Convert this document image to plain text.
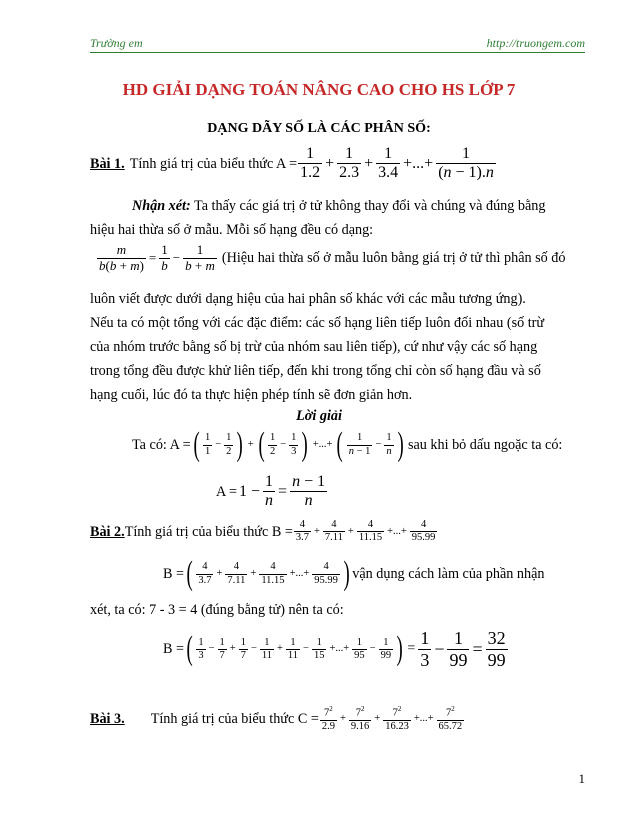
Trường em	http://truongem.com
HD GIẢI DẠNG TOÁN NÂNG CAO CHO HS LỚP 7
DẠNG DÃY SỐ LÀ CÁC PHÂN SỐ:
Bài 1. Tính giá trị của biểu thức A =
1
1.2
+ $\frac{1}{2.3} + \frac{1}{3.4}$ +...+ $\frac{1}{(n - 1).n}$
Nhận xét: Ta thấy các giá trị ở tử không thay đổi và chúng và đúng bằng
hiệu hai thừa số ở mẫu. Mỗi số hạng đều có dạng:
$\frac{m}{b(b + m)} = \frac{1}{b} - \frac{1}{b + m}$ (Hiệu hai thừa số ở mẫu luôn bằng giá trị ở tử thì phân số đó
luôn viết được dưới dạng hiệu của hai phân số khác với các mẫu tương ứng).
Nếu ta có một tổng với các đặc điểm: các số hạng liên tiếp luôn đối nhau (số trừ
của nhóm trước bằng số bị trừ của nhóm sau liên tiếp), cứ như vậy các số hạng
trong tổng đều được khử liên tiếp, đến khi trong tổng chỉ còn số hạng đầu và số
hạng cuối, lúc đó ta thực hiện phép tính sẽ đơn giản hơn.
Lời giải
Ta có: A = ( 1
1
− $\frac{1}{2}$ ) + ( 1
2
− $\frac{1}{3}$ ) +...+ (	1
n − 1
− $\frac{1}{n}$ ) sau khi bỏ dấu ngoặc ta có:
$A = 1 - \frac{1}{n} = \frac{n - 1}{n}$
Bài 2. Tính giá trị của biểu thức B = 4
3.7
+ $\frac{4}{7.11} + \frac{4}{11.15}$ +...+ $\frac{4}{95.99}$
B = ( 4
3.7
+ $\frac{4}{7.11} + \frac{4}{11.15}$ +...+ $\frac{4}{95.99}$ ) vận dụng cách làm của phần nhận
xét, ta có: 7 - 3 = 4 (đúng bằng tử) nên ta có:
B = ( 1
3
− $\frac{1}{7} + \frac{1}{7} - \frac{1}{11} + \frac{1}{11} - \frac{1}{15}$ +...+ $\frac{1}{95} - \frac{1}{99}$ ) =
1
3
− $\frac{1}{99} = \frac{32}{99}$
Bài 3. Tính giá trị của biểu thức $C = 7^2$
2.9
+ $\frac{7^2}{9.16} + \frac{7^2}{16.23}$ +...+ $\frac{7^2}{65.72}$
1
